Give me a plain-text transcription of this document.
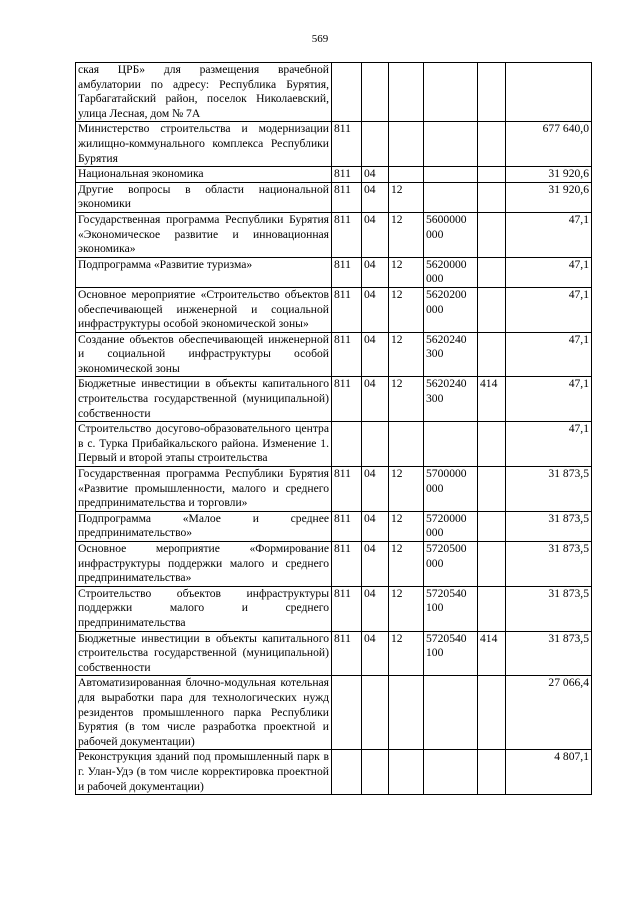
569
ская ЦРБ» для размещения врачебной амбулатории по адресу: Республика Бурятия, Тарбагатайский район, поселок Николаевский, улица Лесная, дом № 7А						
Министерство строительства и модернизации жилищно-коммунального комплекса Республики Бурятия	811					677 640,0
Национальная экономика	811	04				31 920,6
Другие вопросы в области национальной экономики	811	04	12			31 920,6
Государственная программа Республики Бурятия «Экономическое развитие и инновационная экономика»	811	04	12	5600000 000		47,1
Подпрограмма «Развитие туризма»	811	04	12	5620000 000		47,1
Основное мероприятие «Строительство объектов обеспечивающей инженерной и социальной инфраструктуры особой экономической зоны»	811	04	12	5620200 000		47,1
Создание объектов обеспечивающей инженерной и социальной инфраструктуры особой экономической зоны	811	04	12	5620240 300		47,1
Бюджетные инвестиции в объекты капитального строительства государственной (муниципальной) собственности	811	04	12	5620240 300	414	47,1
Строительство досугово-образовательного центра в с. Турка Прибайкальского района. Изменение 1. Первый и второй этапы строительства						47,1
Государственная программа Республики Бурятия «Развитие промышленности, малого и среднего предпринимательства и торговли»	811	04	12	5700000 000		31 873,5
Подпрограмма «Малое и среднее предпринимательство»	811	04	12	5720000 000		31 873,5
Основное мероприятие «Формирование инфраструктуры поддержки малого и среднего предпринимательства»	811	04	12	5720500 000		31 873,5
Строительство объектов инфраструктуры поддержки малого и среднего предпринимательства	811	04	12	5720540 100		31 873,5
Бюджетные инвестиции в объекты капитального строительства государственной (муниципальной) собственности	811	04	12	5720540 100	414	31 873,5
Автоматизированная блочно-модульная котельная для выработки пара для технологических нужд резидентов промышленного парка Республики Бурятия (в том числе разработка проектной и рабочей документации)						27 066,4
Реконструкция зданий под промышленный парк в г. Улан-Удэ (в том числе корректировка проектной и рабочей документации)						4 807,1
